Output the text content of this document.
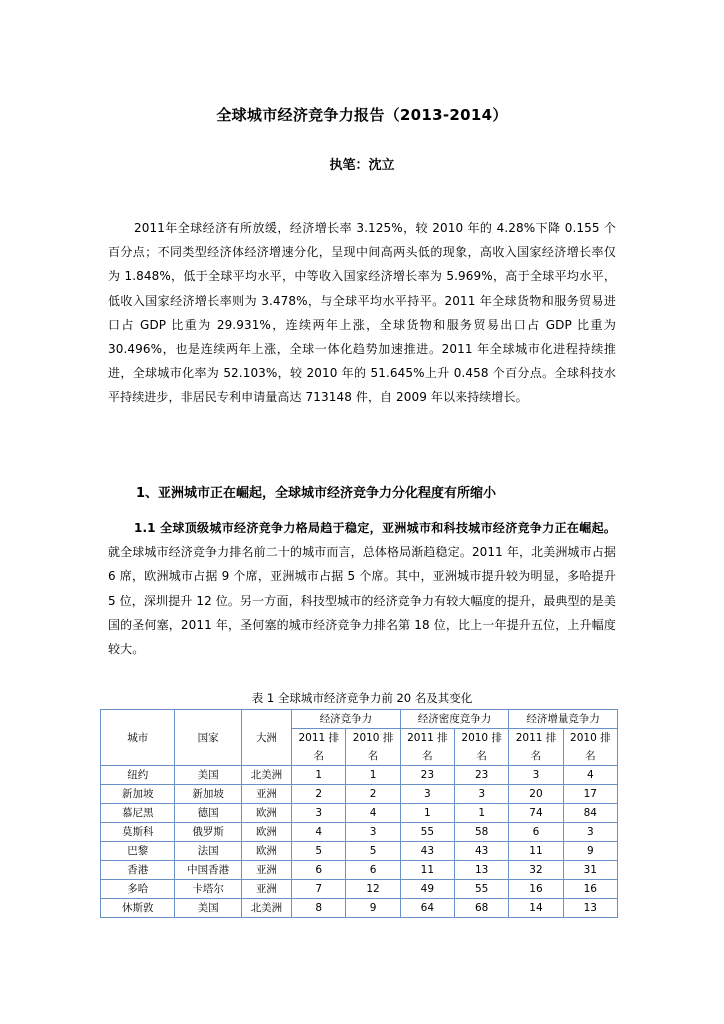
全球城市经济竞争力报告（2013-2014）
执笔：沈立
2011年全球经济有所放缓，经济增长率 3.125%，较 2010 年的 4.28%下降 0.155 个百分点；不同类型经济体经济增速分化，呈现中间高两头低的现象，高收入国家经济增长率仅为 1.848%，低于全球平均水平，中等收入国家经济增长率为 5.969%，高于全球平均水平，低收入国家经济增长率则为 3.478%，与全球平均水平持平。2011 年全球货物和服务贸易进口占 GDP 比重为 29.931%，连续两年上涨，全球货物和服务贸易出口占 GDP 比重为 30.496%，也是连续两年上涨，全球一体化趋势加速推进。2011 年全球城市化进程持续推进，全球城市化率为 52.103%，较 2010 年的 51.645%上升 0.458 个百分点。全球科技水平持续进步，非居民专利申请量高达 713148 件，自 2009 年以来持续增长。
1、亚洲城市正在崛起，全球城市经济竞争力分化程度有所缩小
1.1 全球顶级城市经济竞争力格局趋于稳定，亚洲城市和科技城市经济竞争力正在崛起。就全球城市经济竞争力排名前二十的城市而言，总体格局渐趋稳定。2011 年，北美洲城市占据 6 席，欧洲城市占据 9 个席，亚洲城市占据 5 个席。其中，亚洲城市提升较为明显，多哈提升 5 位，深圳提升 12 位。另一方面，科技型城市的经济竞争力有较大幅度的提升，最典型的是美国的圣何塞，2011 年，圣何塞的城市经济竞争力排名第 18 位，比上一年提升五位，上升幅度较大。
表 1 全球城市经济竞争力前 20 名及其变化
城市	国家	大洲	经济竞争力		经济密度竞争力		经济增量竞争力	
			2011 排名	2010 排名	2011 排名	2010 排名	2011 排名	2010 排名

纽约	美国	北美洲	1	1	23	23	3	4
新加坡	新加坡	亚洲	2	2	3	3	20	17
慕尼黑	德国	欧洲	3	4	1	1	74	84
莫斯科	俄罗斯	欧洲	4	3	55	58	6	3
巴黎	法国	欧洲	5	5	43	43	11	9
香港	中国香港	亚洲	6	6	11	13	32	31
多哈	卡塔尔	亚洲	7	12	49	55	16	16
休斯敦	美国	北美洲	8	9	64	68	14	13
